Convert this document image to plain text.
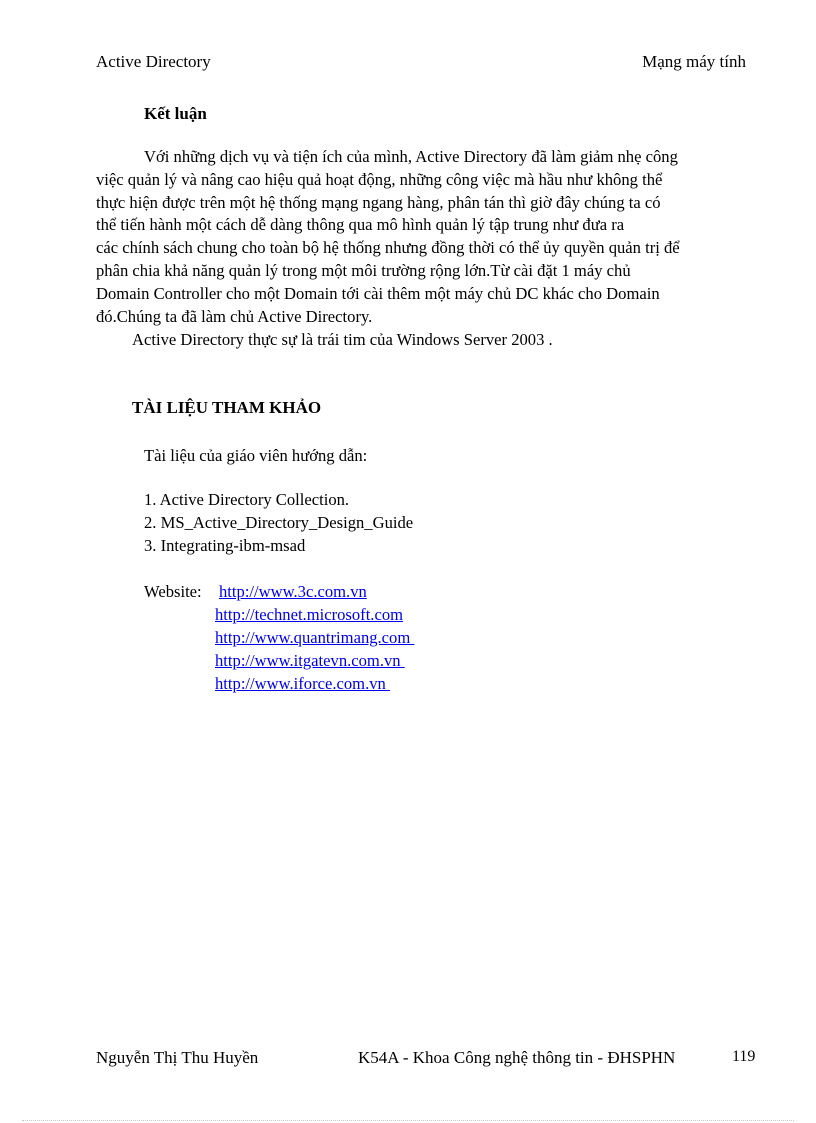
Active Directory	Mạng máy tính
Kết luận
Với những dịch vụ và tiện ích của mình, Active Directory đã làm giảm nhẹ công
việc quản lý và nâng cao hiệu quả hoạt động, những công việc mà hầu như không thể
thực hiện được trên một hệ thống mạng ngang hàng, phân tán thì giờ đây chúng ta có
thể tiến hành một cách dễ dàng thông qua mô hình quản lý tập trung như đưa ra
các chính sách chung cho toàn bộ hệ thống nhưng đồng thời có thể ủy quyền quản trị để
phân chia khả năng quản lý trong một môi trường rộng lớn.Từ cài đặt 1 máy chủ
Domain Controller cho một Domain tới cài thêm một máy chủ DC khác cho Domain
đó.Chúng ta đã làm chủ Active Directory.
Active Directory thực sự là trái tim của Windows Server 2003 .
TÀI LIỆU THAM KHẢO
Tài liệu của giáo viên hướng dẫn:
1. Active Directory Collection.
2. MS_Active_Directory_Design_Guide
3. Integrating-ibm-msad
Website: http://www.3c.com.vn
http://technet.microsoft.com
http://www.quantrimang.com
http://www.itgatevn.com.vn
http://www.iforce.com.vn
Nguyễn Thị Thu Huyền	K54A - Khoa Công nghệ thông tin - ĐHSPHN	119
